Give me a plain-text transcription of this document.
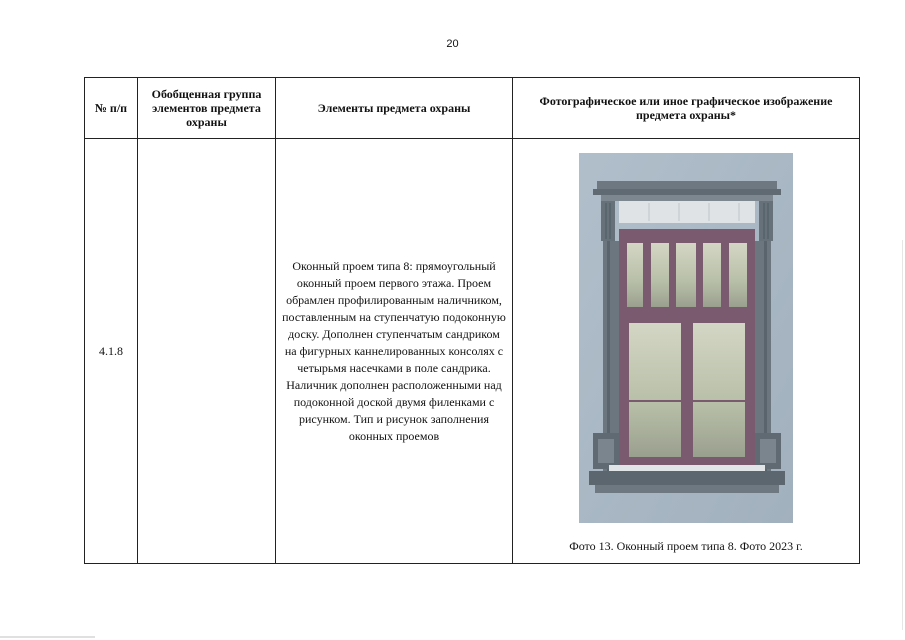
20
№ п/п	Обобщенная группа элементов предмета охраны	Элементы предмета охраны	Фотографическое или иное графическое изображение предмета охраны*
4.1.8		Оконный проем типа 8: прямоугольный оконный проем первого этажа. Проем обрамлен профилированным наличником, поставленным на ступенчатую подоконную доску. Дополнен ступенчатым сандриком на фигурных каннелированных консолях с четырьмя насечками в поле сандрика. Наличник дополнен расположенными над подоконной доской двумя филенками с рисунком. Тип и рисунок заполнения оконных проемов	Фото 13. Оконный проем типа 8. Фото 2023 г.
